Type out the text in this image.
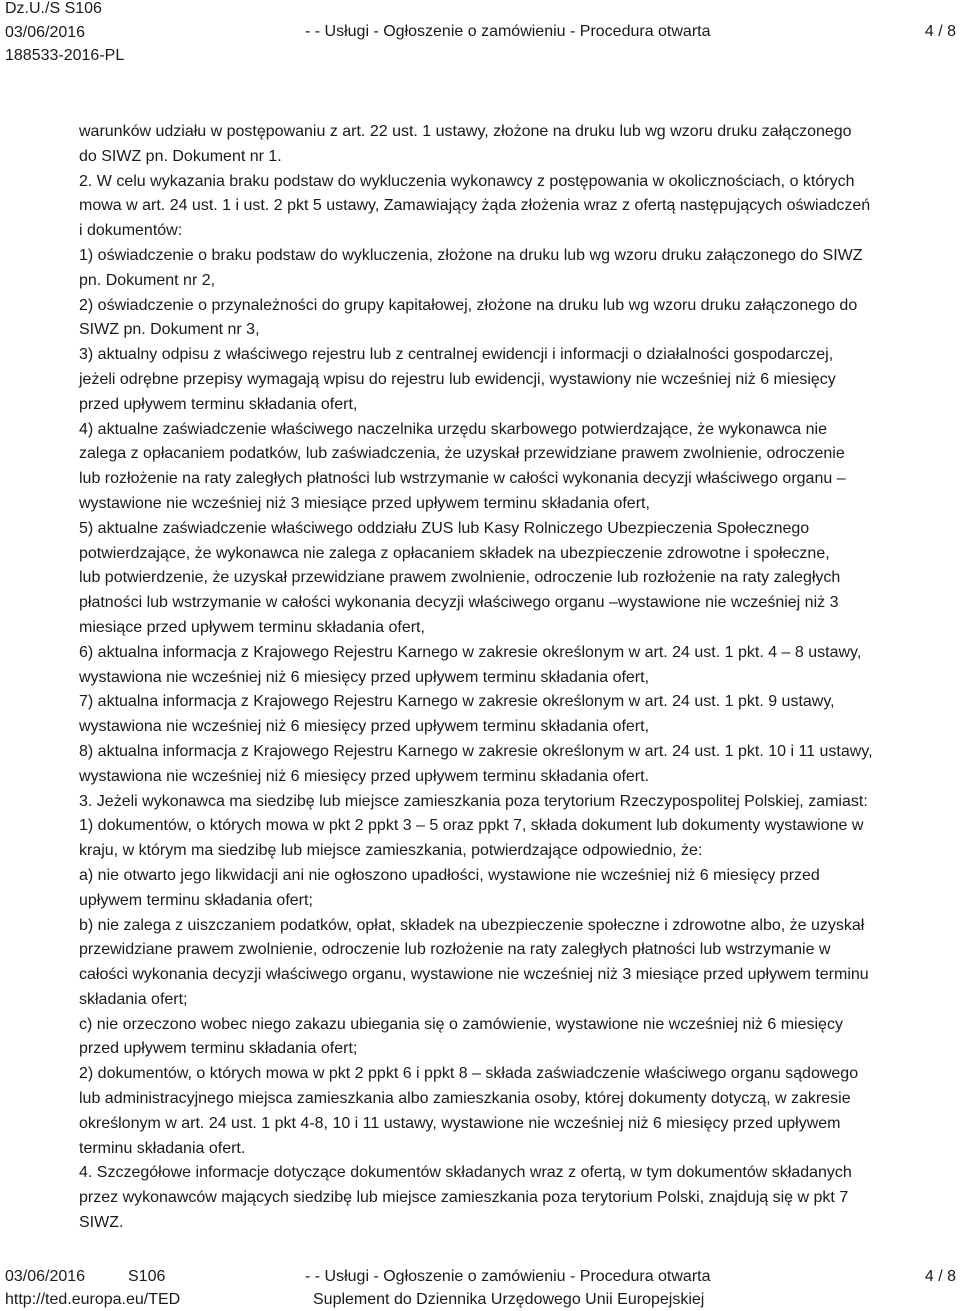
Dz.U./S S106
03/06/2016
188533-2016-PL
- - Usługi - Ogłoszenie o zamówieniu - Procedura otwarta	4 / 8
warunków udziału w postępowaniu z art. 22 ust. 1 ustawy, złożone na druku lub wg wzoru druku załączonego
do SIWZ pn. Dokument nr 1.
2. W celu wykazania braku podstaw do wykluczenia wykonawcy z postępowania w okolicznościach, o których
mowa w art. 24 ust. 1 i ust. 2 pkt 5 ustawy, Zamawiający żąda złożenia wraz z ofertą następujących oświadczeń
i dokumentów:
1) oświadczenie o braku podstaw do wykluczenia, złożone na druku lub wg wzoru druku załączonego do SIWZ
pn. Dokument nr 2,
2) oświadczenie o przynależności do grupy kapitałowej, złożone na druku lub wg wzoru druku załączonego do
SIWZ pn. Dokument nr 3,
3) aktualny odpisu z właściwego rejestru lub z centralnej ewidencji i informacji o działalności gospodarczej,
jeżeli odrębne przepisy wymagają wpisu do rejestru lub ewidencji, wystawiony nie wcześniej niż 6 miesięcy
przed upływem terminu składania ofert,
4) aktualne zaświadczenie właściwego naczelnika urzędu skarbowego potwierdzające, że wykonawca nie
zalega z opłacaniem podatków, lub zaświadczenia, że uzyskał przewidziane prawem zwolnienie, odroczenie
lub rozłożenie na raty zaległych płatności lub wstrzymanie w całości wykonania decyzji właściwego organu –
wystawione nie wcześniej niż 3 miesiące przed upływem terminu składania ofert,
5) aktualne zaświadczenie właściwego oddziału ZUS lub Kasy Rolniczego Ubezpieczenia Społecznego
potwierdzające, że wykonawca nie zalega z opłacaniem składek na ubezpieczenie zdrowotne i społeczne,
lub potwierdzenie, że uzyskał przewidziane prawem zwolnienie, odroczenie lub rozłożenie na raty zaległych
płatności lub wstrzymanie w całości wykonania decyzji właściwego organu –wystawione nie wcześniej niż 3
miesiące przed upływem terminu składania ofert,
6) aktualna informacja z Krajowego Rejestru Karnego w zakresie określonym w art. 24 ust. 1 pkt. 4 – 8 ustawy,
wystawiona nie wcześniej niż 6 miesięcy przed upływem terminu składania ofert,
7) aktualna informacja z Krajowego Rejestru Karnego w zakresie określonym w art. 24 ust. 1 pkt. 9 ustawy,
wystawiona nie wcześniej niż 6 miesięcy przed upływem terminu składania ofert,
8) aktualna informacja z Krajowego Rejestru Karnego w zakresie określonym w art. 24 ust. 1 pkt. 10 i 11 ustawy,
wystawiona nie wcześniej niż 6 miesięcy przed upływem terminu składania ofert.
3. Jeżeli wykonawca ma siedzibę lub miejsce zamieszkania poza terytorium Rzeczypospolitej Polskiej, zamiast:
1) dokumentów, o których mowa w pkt 2 ppkt 3 – 5 oraz ppkt 7, składa dokument lub dokumenty wystawione w
kraju, w którym ma siedzibę lub miejsce zamieszkania, potwierdzające odpowiednio, że:
a) nie otwarto jego likwidacji ani nie ogłoszono upadłości, wystawione nie wcześniej niż 6 miesięcy przed
upływem terminu składania ofert;
b) nie zalega z uiszczaniem podatków, opłat, składek na ubezpieczenie społeczne i zdrowotne albo, że uzyskał
przewidziane prawem zwolnienie, odroczenie lub rozłożenie na raty zaległych płatności lub wstrzymanie w
całości wykonania decyzji właściwego organu, wystawione nie wcześniej niż 3 miesiące przed upływem terminu
składania ofert;
c) nie orzeczono wobec niego zakazu ubiegania się o zamówienie, wystawione nie wcześniej niż 6 miesięcy
przed upływem terminu składania ofert;
2) dokumentów, o których mowa w pkt 2 ppkt 6 i ppkt 8 – składa zaświadczenie właściwego organu sądowego
lub administracyjnego miejsca zamieszkania albo zamieszkania osoby, której dokumenty dotyczą, w zakresie
określonym w art. 24 ust. 1 pkt 4-8, 10 i 11 ustawy, wystawione nie wcześniej niż 6 miesięcy przed upływem
terminu składania ofert.
4. Szczegółowe informacje dotyczące dokumentów składanych wraz z ofertą, w tym dokumentów składanych
przez wykonawców mających siedzibę lub miejsce zamieszkania poza terytorium Polski, znajdują się w pkt 7
SIWZ.
03/06/2016	S106
http://ted.europa.eu/TED
- - Usługi - Ogłoszenie o zamówieniu - Procedura otwarta
Suplement do Dziennika Urzędowego Unii Europejskiej
4 / 8
